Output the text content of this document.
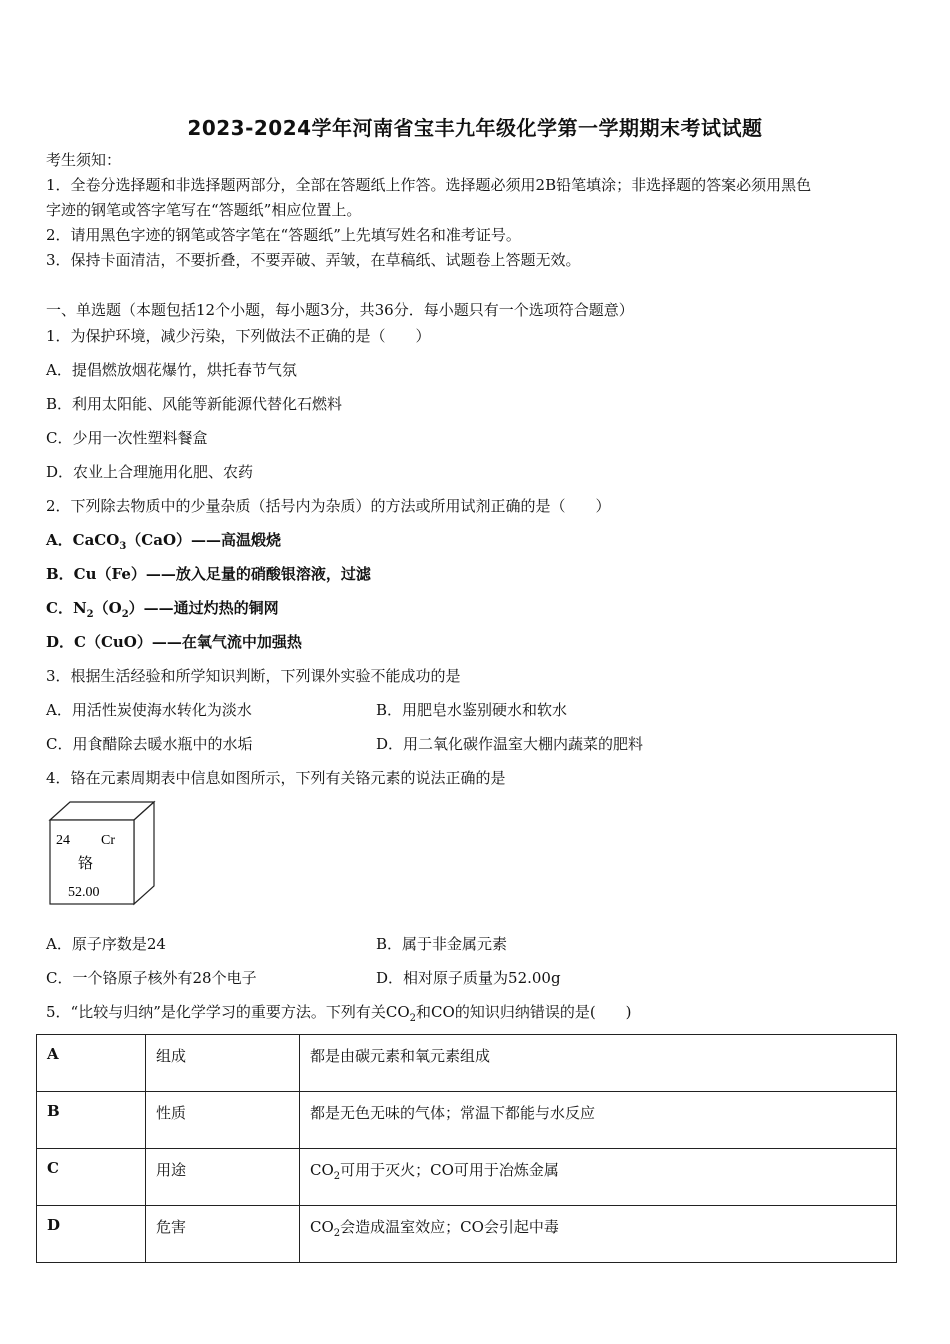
2023-2024学年河南省宝丰九年级化学第一学期期末考试试题
考生须知：
1．全卷分选择题和非选择题两部分，全部在答题纸上作答。选择题必须用2B铅笔填涂；非选择题的答案必须用黑色
字迹的钢笔或答字笔写在“答题纸”相应位置上。
2．请用黑色字迹的钢笔或答字笔在“答题纸”上先填写姓名和准考证号。
3．保持卡面清洁，不要折叠，不要弄破、弄皱，在草稿纸、试题卷上答题无效。
一、单选题（本题包括12个小题，每小题3分，共36分．每小题只有一个选项符合题意）
1．为保护环境，减少污染，下列做法不正确的是（　　）
A．提倡燃放烟花爆竹，烘托春节气氛
B．利用太阳能、风能等新能源代替化石燃料
C．少用一次性塑料餐盒
D．农业上合理施用化肥、农药
2．下列除去物质中的少量杂质（括号内为杂质）的方法或所用试剂正确的是（　　）
A．CaCO$_3$（CaO）——高温煅烧
B．Cu（Fe）——放入足量的硝酸银溶液，过滤
C．$N_2(O_2)——$通过灼热的铜网
D．C（CuO）——在氧气流中加强热
3．根据生活经验和所学知识判断，下列课外实验不能成功的是
A．用活性炭使海水转化为淡水	B．用肥皂水鉴别硬水和软水
C．用食醋除去暖水瓶中的水垢	D．用二氧化碳作温室大棚内蔬菜的肥料
4．铬在元素周期表中信息如图所示，下列有关铬元素的说法正确的是
24 Cr
铬
52.00
A．原子序数是24	B．属于非金属元素
C．一个铬原子核外有28个电子	D．相对原子质量为52.00g
5．“比较与归纳”是化学学习的重要方法。下列有关$CO_2$和CO的知识归纳错误的是(　　)
A	组成	都是由碳元素和氧元素组成
B	性质	都是无色无味的气体；常温下都能与水反应
C	用途	$CO_2$可用于灭火；CO可用于冶炼金属
D	危害	$CO_2$会造成温室效应；CO会引起中毒
